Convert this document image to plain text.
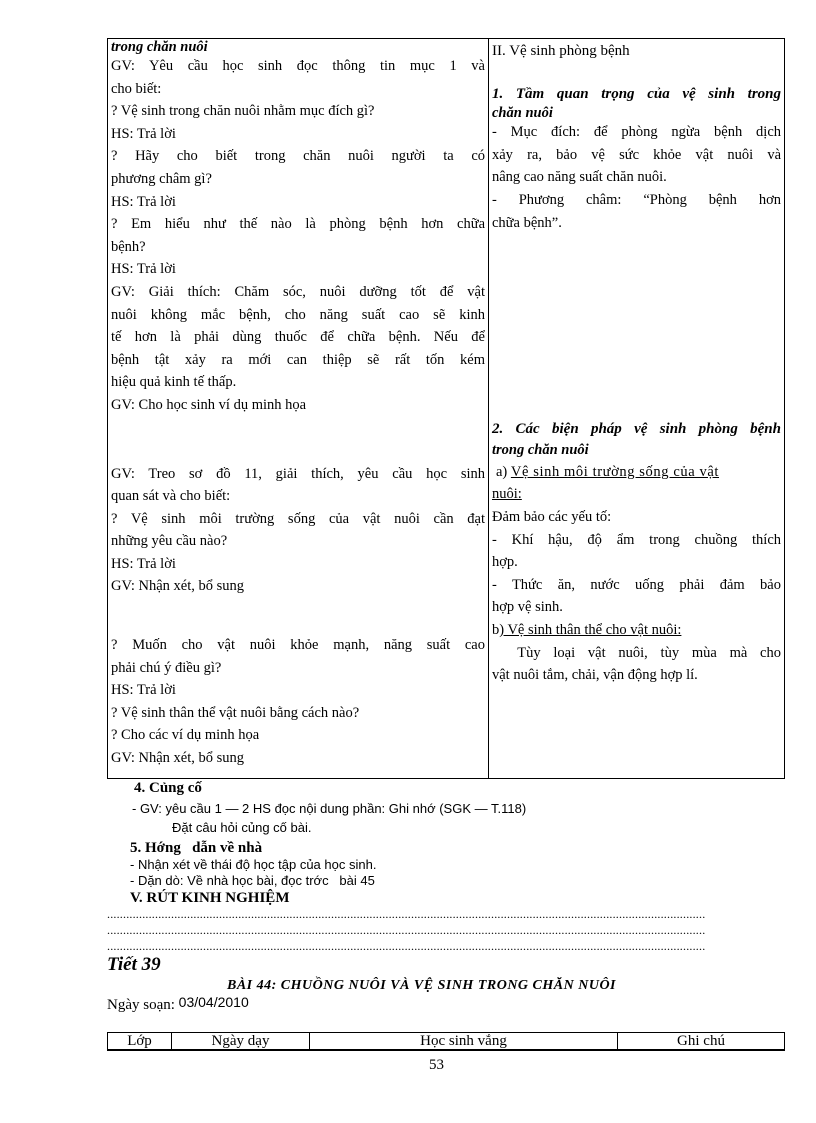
trong chăn nuôi
GV: Yêu cầu học sinh đọc thông tin mục 1 và
cho biết:
? Vệ sinh trong chăn nuôi nhằm mục đích gì?
HS: Trả lời
? Hãy cho biết trong chăn nuôi người ta có
phương châm gì?
HS: Trả lời
? Em hiểu như thế nào là phòng bệnh hơn chữa
bệnh?
HS: Trả lời
GV: Giải thích: Chăm sóc, nuôi dưỡng tốt để vật
nuôi không mắc bệnh, cho năng suất cao sẽ kinh
tế hơn là phải dùng thuốc để chữa bệnh. Nếu để
bệnh tật xảy ra mới can thiệp sẽ rất tốn kém
hiệu quả kinh tế thấp.
GV: Cho học sinh ví dụ minh họa
GV: Treo sơ đồ 11, giải thích, yêu cầu học sinh
quan sát và cho biết:
? Vệ sinh môi trường sống của vật nuôi cần đạt
những yêu cầu nào?
HS: Trả lời
GV: Nhận xét, bổ sung
? Muốn cho vật nuôi khỏe mạnh, năng suất cao
phải chú ý điều gì?
HS: Trả lời
? Vệ sinh thân thể vật nuôi bằng cách nào?
? Cho các ví dụ minh họa
GV: Nhận xét, bổ sung

II. Vệ sinh phòng bệnh
1. Tầm quan trọng của vệ sinh trong
chăn nuôi
- Mục đích: để phòng ngừa bệnh dịch
xảy ra, bảo vệ sức khỏe vật nuôi và
nâng cao năng suất chăn nuôi.
- Phương châm: “Phòng bệnh hơn
chữa bệnh”.
2. Các biện pháp vệ sinh phòng bệnh
trong chăn nuôi
a) Vệ sinh môi trường sống của vật
nuôi:
Đảm bảo các yếu tố:
- Khí hậu, độ ẩm trong chuồng thích
hợp.
- Thức ăn, nước uống phải đảm bảo
hợp vệ sinh.
b) Vệ sinh thân thể cho vật nuôi:
Tùy loại vật nuôi, tùy mùa mà cho
vật nuôi tắm, chải, vận động hợp lí.
4. Củng cố
- GV: yêu cầu 1 — 2 HS đọc nội dung phần: Ghi nhớ (SGK — T.118)
Đặt câu hỏi củng cố bài.
5. Hớng   dẫn về nhà
- Nhận xét về thái độ học tập của học sinh.
- Dặn dò: Về nhà học bài, đọc trớc   bài 45
V. RÚT KINH NGHIỆM
...........................................................................................................................................................................................
...........................................................................................................................................................................................
...........................................................................................................................................................................................
Tiết 39
BÀI 44: CHUỒNG NUÔI VÀ VỆ SINH TRONG CHĂN NUÔI
Ngày soạn: 03/04/2010
Lớp	Ngày dạy	Học sinh vắng	Ghi chú
53
